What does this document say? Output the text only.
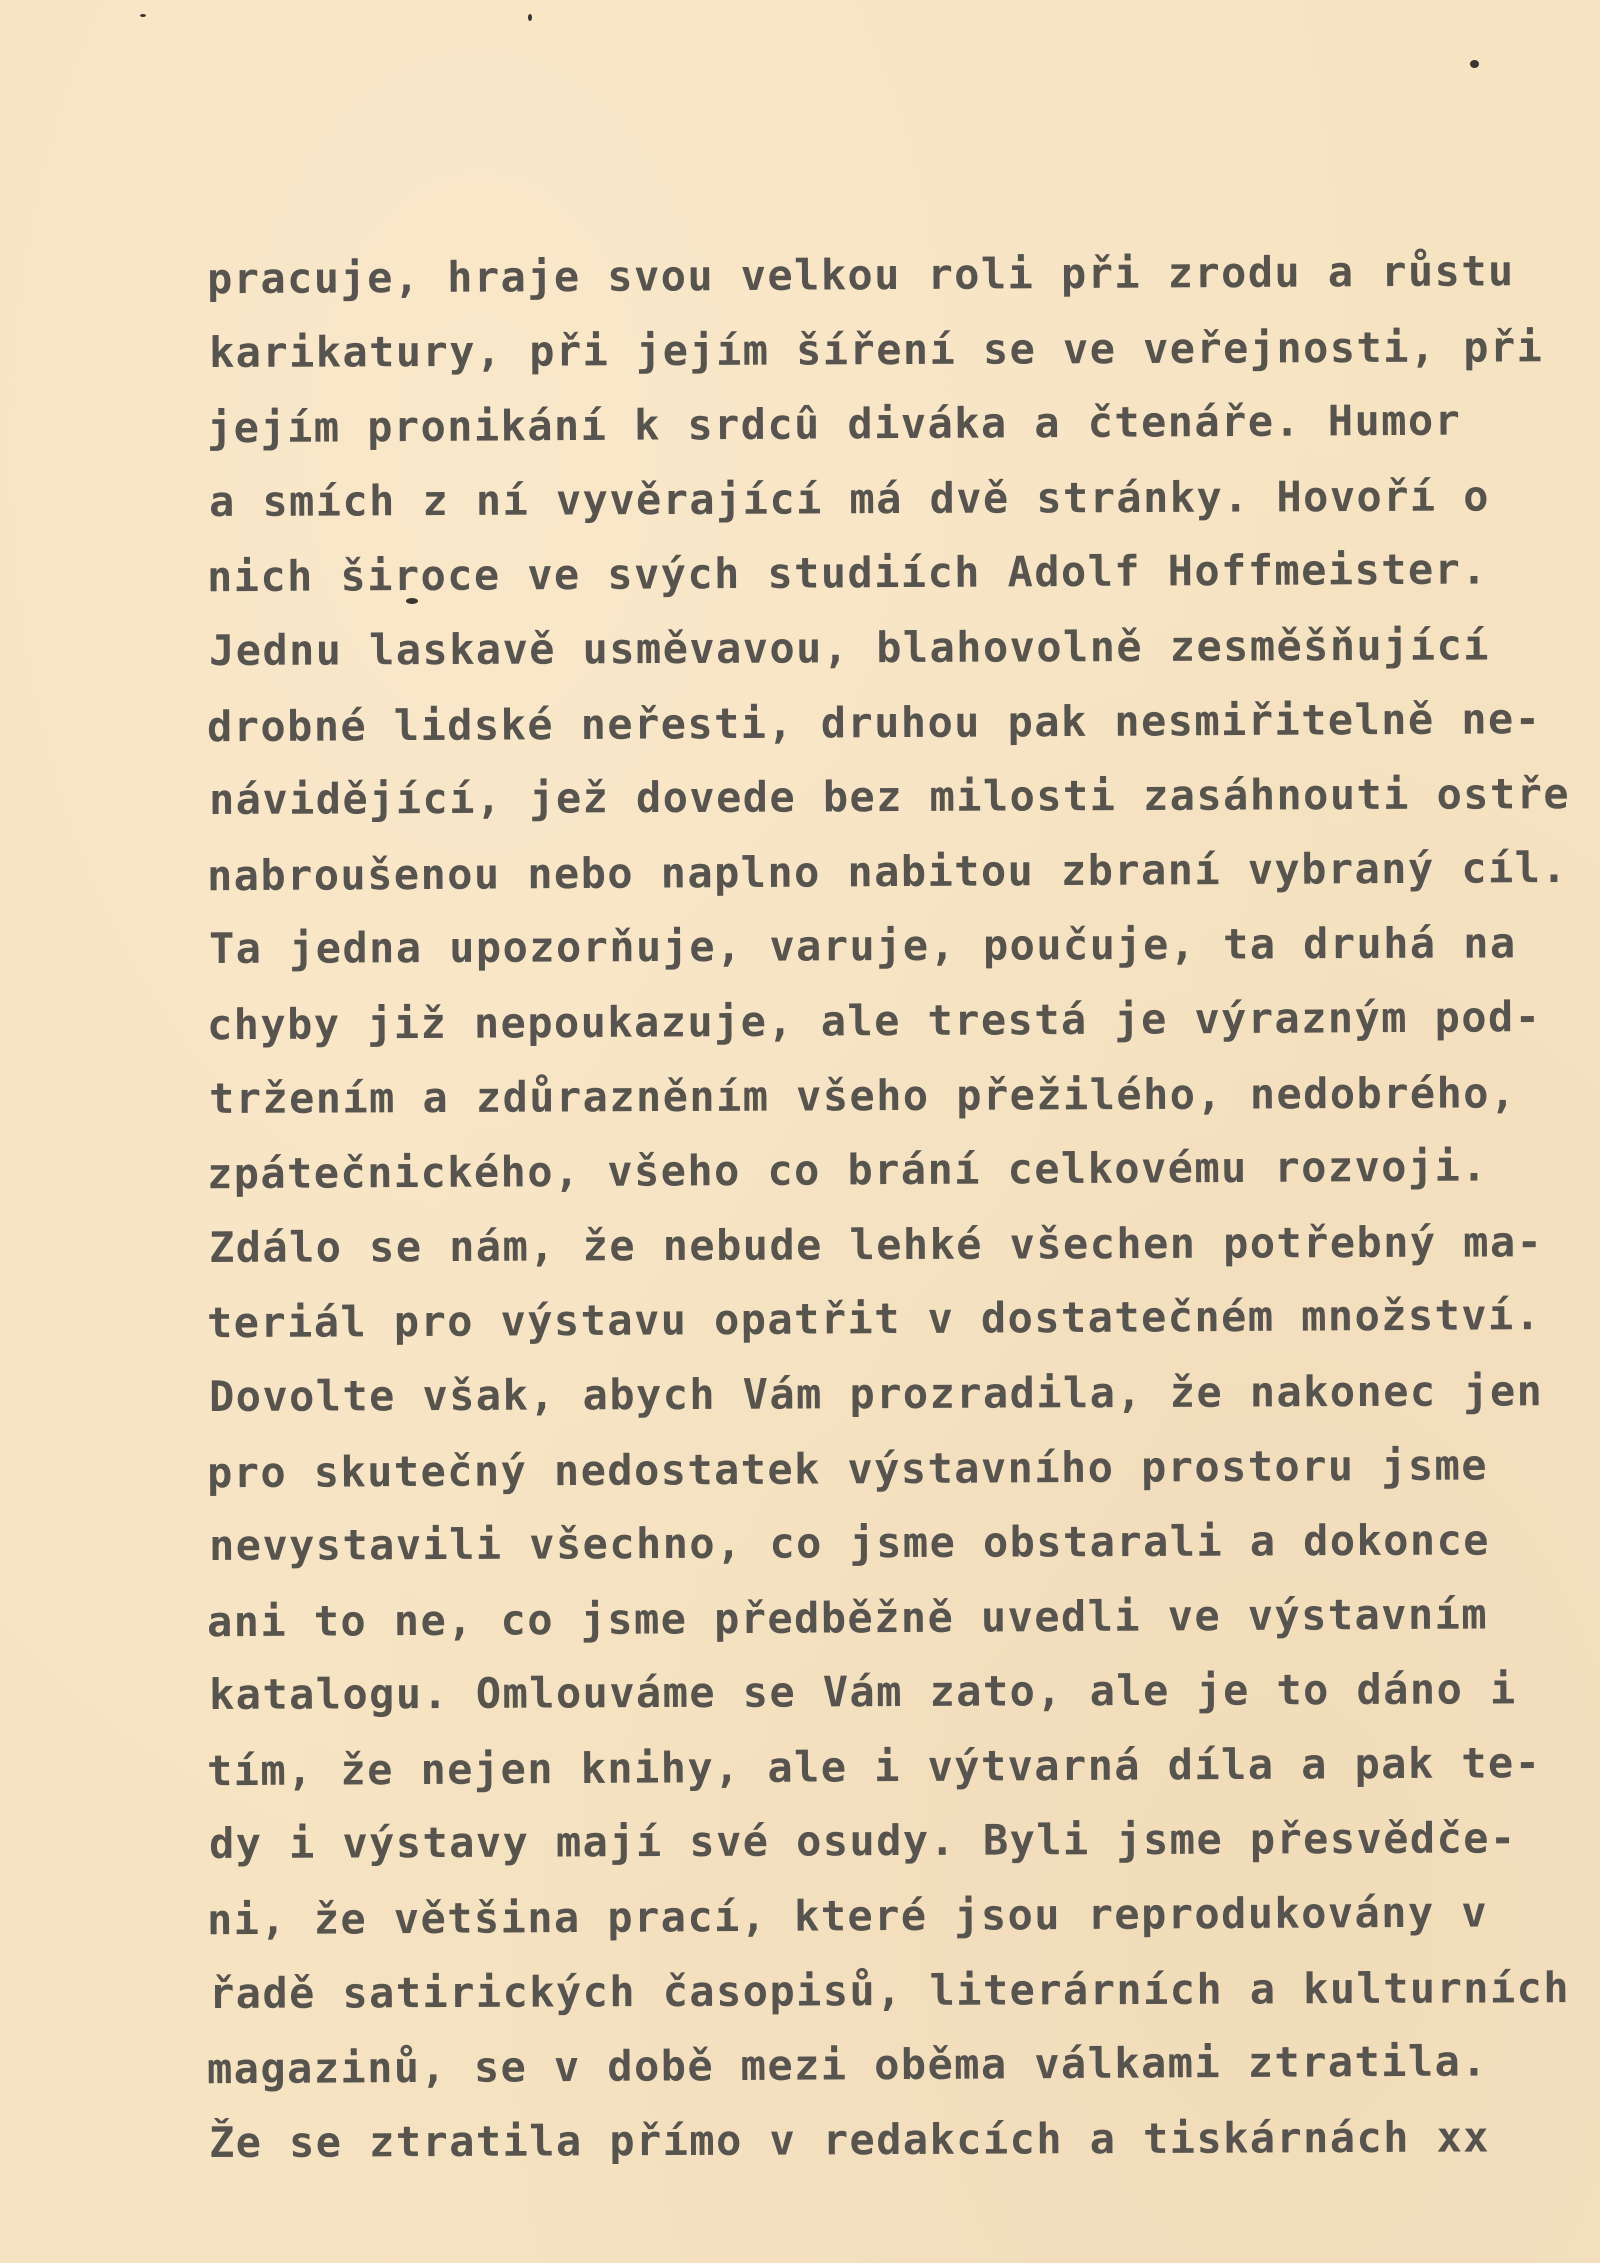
pracuje, hraje svou velkou roli při zrodu a růstu
karikatury, při jejím šíření se ve veřejnosti, při
jejím pronikání k srdcû diváka a čtenáře. Humor
a smích z ní vyvěrající má dvě stránky. Hovoří o
nich široce ve svých studiích Adolf Hoffmeister.
Jednu laskavě usměvavou, blahovolně zesměšňující
drobné lidské neřesti, druhou pak nesmiřitelně ne-
návidějící, jež dovede bez milosti zasáhnouti ostře
nabroušenou nebo naplno nabitou zbraní vybraný cíl.
Ta jedna upozorňuje, varuje, poučuje, ta druhá na
chyby již nepoukazuje, ale trestá je výrazným pod-
tržením a zdůrazněním všeho přežilého, nedobrého,
zpátečnického, všeho co brání celkovému rozvoji.
Zdálo se nám, že nebude lehké všechen potřebný ma-
teriál pro výstavu opatřit v dostatečném množství.
Dovolte však, abych Vám prozradila, že nakonec jen
pro skutečný nedostatek výstavního prostoru jsme
nevystavili všechno, co jsme obstarali a dokonce
ani to ne, co jsme předběžně uvedli ve výstavním
katalogu. Omlouváme se Vám zato, ale je to dáno i
tím, že nejen knihy, ale i výtvarná díla a pak te-
dy i výstavy mají své osudy. Byli jsme přesvědče-
ni, že většina prací, které jsou reprodukovány v
řadě satirických časopisů, literárních a kulturních
magazinů, se v době mezi oběma válkami ztratila.
Že se ztratila přímo v redakcích a tiskárnách xx
